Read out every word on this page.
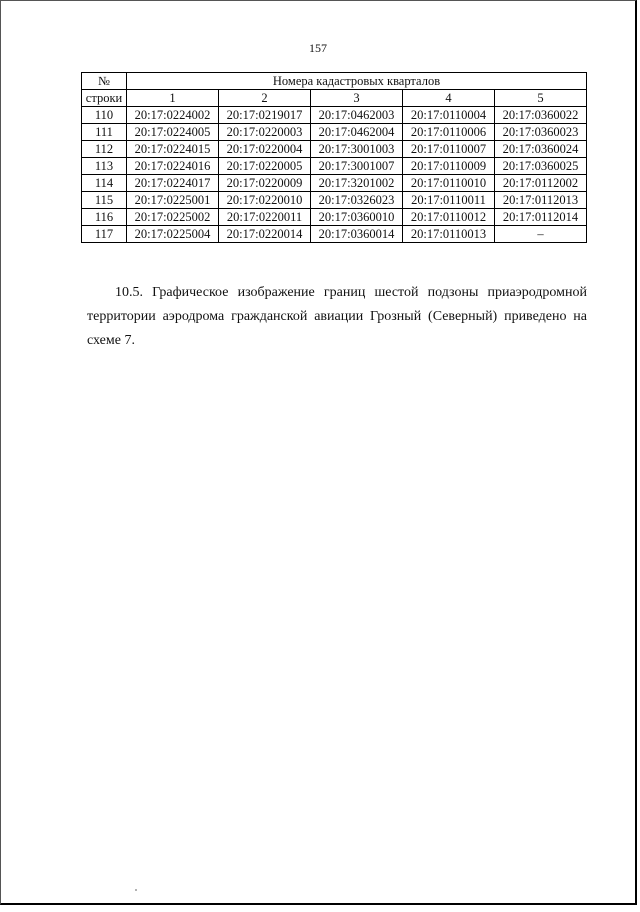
157
№	Номера кадастровых кварталов				
строки	1	2	3	4	5
110	20:17:0224002	20:17:0219017	20:17:0462003	20:17:0110004	20:17:0360022
111	20:17:0224005	20:17:0220003	20:17:0462004	20:17:0110006	20:17:0360023
112	20:17:0224015	20:17:0220004	20:17:3001003	20:17:0110007	20:17:0360024
113	20:17:0224016	20:17:0220005	20:17:3001007	20:17:0110009	20:17:0360025
114	20:17:0224017	20:17:0220009	20:17:3201002	20:17:0110010	20:17:0112002
115	20:17:0225001	20:17:0220010	20:17:0326023	20:17:0110011	20:17:0112013
116	20:17:0225002	20:17:0220011	20:17:0360010	20:17:0110012	20:17:0112014
117	20:17:0225004	20:17:0220014	20:17:0360014	20:17:0110013	–
10.5. Графическое изображение границ шестой подзоны приаэродромной территории аэродрома гражданской авиации Грозный (Северный) приведено на схеме 7.
